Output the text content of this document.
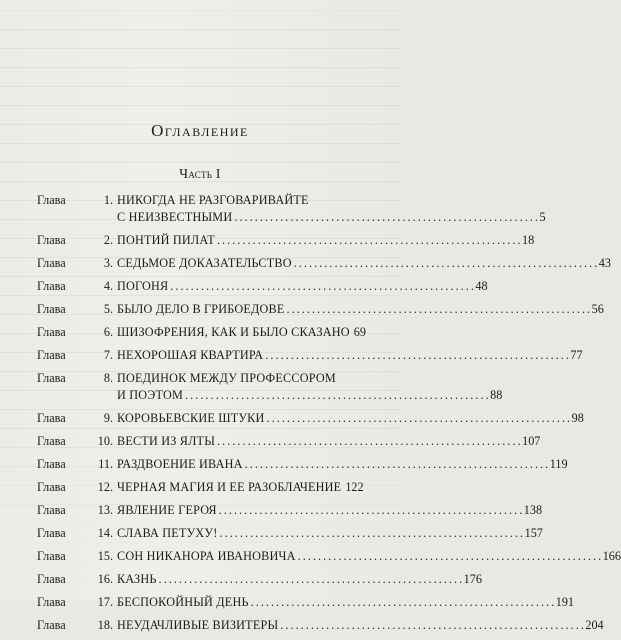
Оглавление
Часть I
Глава	1. НИКОГДА НЕ РАЗГОВАРИВАЙТЕ
С НЕИЗВЕСТНЫМИ . . .	5
Глава	2. ПОНТИЙ ПИЛАТ . . .	18
Глава	3. СЕДЬМОЕ ДОКАЗАТЕЛЬСТВО . . .	43
Глава	4. ПОГОНЯ . . .	48
Глава	5. БЫЛО ДЕЛО В ГРИБОЕДОВЕ . . .	56
Глава	6. ШИЗОФРЕНИЯ, КАК И БЫЛО СКАЗАНО 69
Глава	7. НЕХОРОШАЯ КВАРТИРА . . .	77
Глава	8. ПОЕДИНОК МЕЖДУ ПРОФЕССОРОМ
И ПОЭТОМ . . .	88
Глава	9. КОРОВЬЕВСКИЕ ШТУКИ . . .	98
Глава	10. ВЕСТИ ИЗ ЯЛТЫ . . .	107
Глава	11. РАЗДВОЕНИЕ ИВАНА . . .	119
Глава	12. ЧЕРНАЯ МАГИЯ И ЕЕ РАЗОБЛАЧЕНИЕ 122
Глава	13. ЯВЛЕНИЕ ГЕРОЯ . . .	138
Глава	14. СЛАВА ПЕТУХУ! . . .	157
Глава	15. СОН НИКАНОРА ИВАНОВИЧА . . .	166
Глава	16. КАЗНЬ . . .	176
Глава	17. БЕСПОКОЙНЫЙ ДЕНЬ . . .	191
Глава	18. НЕУДАЧЛИВЫЕ ВИЗИТЕРЫ . . .	204
